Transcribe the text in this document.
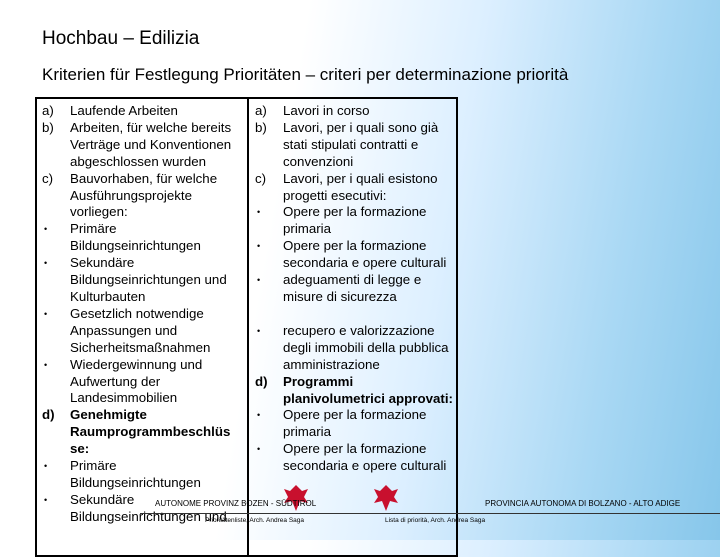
Hochbau – Edilizia
Kriterien für Festlegung Prioritäten – criteri per determinazione priorità
a)	Laufende Arbeiten
b)	Arbeiten, für welche bereits Verträge und Konventionen abgeschlossen wurden
c)	Bauvorhaben, für welche Ausführungsprojekte vorliegen:
•	Primäre Bildungseinrichtungen
•	Sekundäre Bildungseinrichtungen und Kulturbauten
•	Gesetzlich notwendige Anpassungen und Sicherheitsmaßnahmen
•	Wiedergewinnung und Aufwertung der Landesimmobilien
d)	Genehmigte Raumprogrammbeschlüs se:
•	Primäre Bildungseinrichtungen
•	Sekundäre Bildungseinrichtungen und
a)	Lavori in corso
b)	Lavori, per i quali sono già stati stipulati contratti e convenzioni
c)	Lavori, per i quali esistono progetti esecutivi:
•	Opere per la formazione primaria
•	Opere per la formazione secondaria e opere culturali
•	adeguamenti di legge e misure di sicurezza
•	recupero e valorizzazione degli immobili della pubblica amministrazione
d)	Programmi planivolumetrici approvati:
•	Opere per la formazione primaria
•	Opere per la formazione secondaria e opere culturali
AUTONOME PROVINZ BOZEN - SÜDTIROL	PROVINCIA AUTONOMA DI BOLZANO - ALTO ADIGE
Prioritätenliste, Arch. Andrea Saga	Lista di priorità, Arch. Andrea Saga
